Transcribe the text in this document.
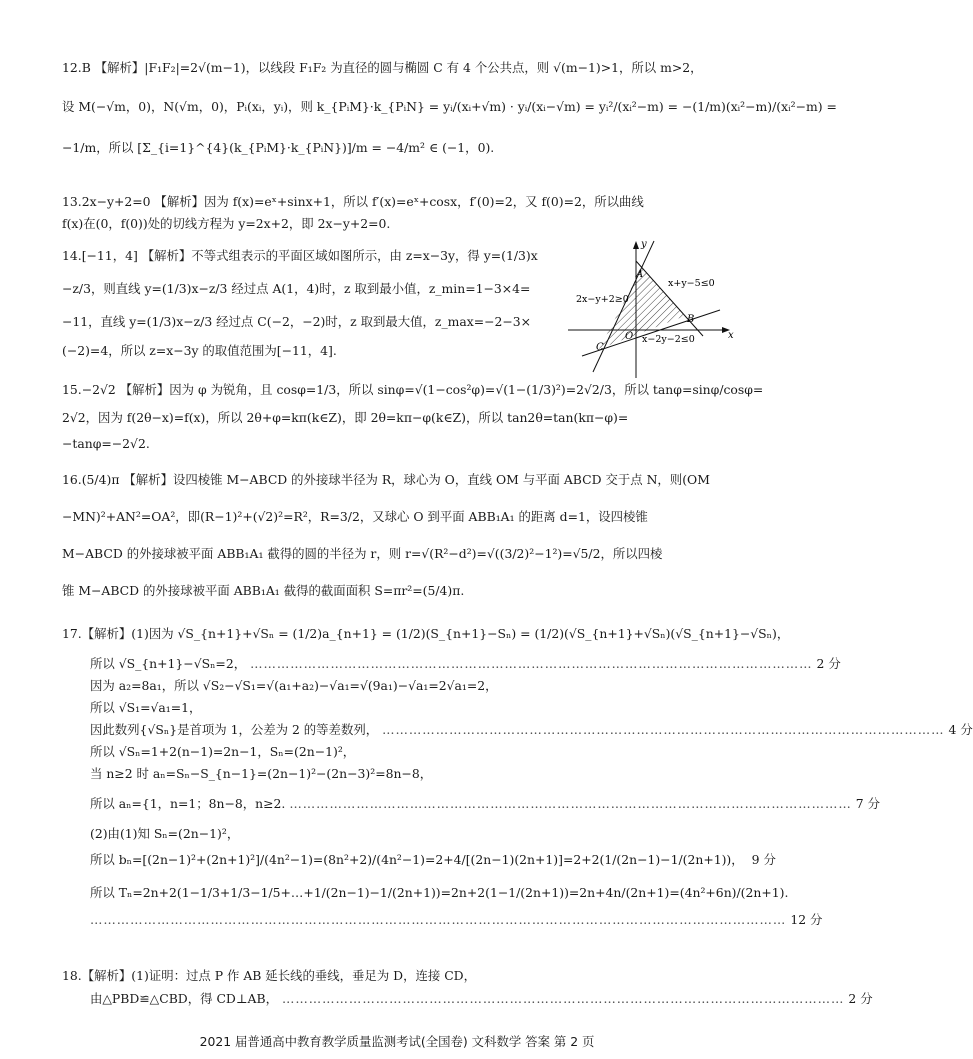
12.B 【解析】|F₁F₂|=2√(m−1)，以线段 F₁F₂ 为直径的圆与椭圆 C 有 4 个公共点，则 √(m−1)>1，所以 m>2，
设 M(−√m，0)，N(√m，0)，Pᵢ(xᵢ，yᵢ)，则 k_{PᵢM}·k_{PᵢN} = yᵢ/(xᵢ+√m) · yᵢ/(xᵢ−√m) = yᵢ²/(xᵢ²−m) = −(1/m)(xᵢ²−m)/(xᵢ²−m) =
−1/m，所以 [Σ_{i=1}^{4}(k_{PᵢM}·k_{PᵢN})]/m = −4/m² ∈ (−1，0).
13.2x−y+2=0 【解析】因为 f(x)=eˣ+sinx+1，所以 f′(x)=eˣ+cosx，f′(0)=2，又 f(0)=2，所以曲线
f(x)在(0，f(0))处的切线方程为 y=2x+2，即 2x−y+2=0.
14.[−11，4] 【解析】不等式组表示的平面区域如图所示，由 z=x−3y，得 y=(1/3)x
−z/3，则直线 y=(1/3)x−z/3 经过点 A(1，4)时，z 取到最小值，z_min=1−3×4=
−11，直线 y=(1/3)x−z/3 经过点 C(−2，−2)时，z 取到最大值，z_max=−2−3×
(−2)=4，所以 z=x−3y 的取值范围为[−11，4].
x
y
O
A
B
C
x+y−5≤0
2x−y+2≥0
x−2y−2≤0
15.−2√2 【解析】因为 φ 为锐角，且 cosφ=1/3，所以 sinφ=√(1−cos²φ)=√(1−(1/3)²)=2√2/3，所以 tanφ=sinφ/cosφ=
2√2，因为 f(2θ−x)=f(x)，所以 2θ+φ=kπ(k∈Z)，即 2θ=kπ−φ(k∈Z)，所以 tan2θ=tan(kπ−φ)=
−tanφ=−2√2.
16.(5/4)π 【解析】设四棱锥 M−ABCD 的外接球半径为 R，球心为 O，直线 OM 与平面 ABCD 交于点 N，则(OM
−MN)²+AN²=OA²，即(R−1)²+(√2)²=R²，R=3/2，又球心 O 到平面 ABB₁A₁ 的距离 d=1，设四棱锥
M−ABCD 的外接球被平面 ABB₁A₁ 截得的圆的半径为 r，则 r=√(R²−d²)=√((3/2)²−1²)=√5/2，所以四棱
锥 M−ABCD 的外接球被平面 ABB₁A₁ 截得的截面面积 S=πr²=(5/4)π.
17.【解析】(1)因为 √S_{n+1}+√Sₙ = (1/2)a_{n+1} = (1/2)(S_{n+1}−Sₙ) = (1/2)(√S_{n+1}+√Sₙ)(√S_{n+1}−√Sₙ)，
所以 √S_{n+1}−√Sₙ=2， ……………………………………………………………………………………………………………… 2 分
因为 a₂=8a₁，所以 √S₂−√S₁=√(a₁+a₂)−√a₁=√(9a₁)−√a₁=2√a₁=2，
所以 √S₁=√a₁=1，
因此数列{√Sₙ}是首项为 1，公差为 2 的等差数列， ……………………………………………………………………………………………………………… 4 分
所以 √Sₙ=1+2(n−1)=2n−1，Sₙ=(2n−1)²，
当 n≥2 时 aₙ=Sₙ−S_{n−1}=(2n−1)²−(2n−3)²=8n−8，
所以 aₙ={1，n=1；8n−8，n≥2. ……………………………………………………………………………………………………………… 7 分
(2)由(1)知 Sₙ=(2n−1)²，
所以 bₙ=[(2n−1)²+(2n+1)²]/(4n²−1)=(8n²+2)/(4n²−1)=2+4/[(2n−1)(2n+1)]=2+2(1/(2n−1)−1/(2n+1))， 9 分
所以 Tₙ=2n+2(1−1/3+1/3−1/5+…+1/(2n−1)−1/(2n+1))=2n+2(1−1/(2n+1))=2n+4n/(2n+1)=(4n²+6n)/(2n+1).
………………………………………………………………………………………………………………………………………… 12 分
18.【解析】(1)证明：过点 P 作 AB 延长线的垂线，垂足为 D，连接 CD，
由△PBD≌△CBD，得 CD⊥AB， ……………………………………………………………………………………………………………… 2 分
2021 届普通高中教育教学质量监测考试(全国卷) 文科数学 答案 第 2 页
